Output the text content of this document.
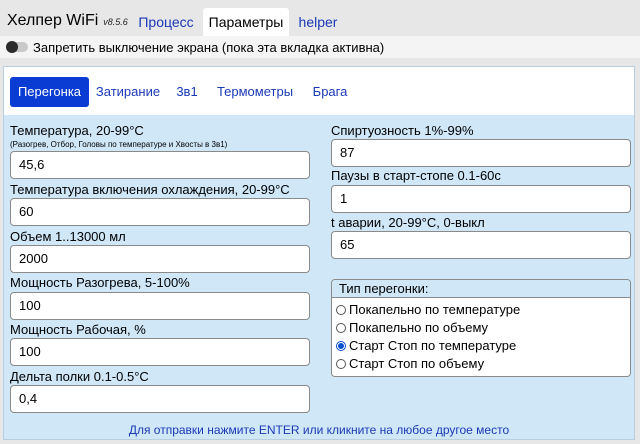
Хелпер WiFi v8.5.6 Процесс	Параметры	helper
Запретить выключение экрана (пока эта вкладка активна)
Перегонка	Затирание	3в1	Термометры	Брага
Температура, 20-99°C
(Разогрев, Отбор, Головы по температуре и Хвосты в 3в1)
45,6
Температура включения охлаждения, 20-99°C
60
Объем 1..13000 мл
2000
Мощность Разогрева, 5-100%
100
Мощность Рабочая, %
100
Дельта полки 0.1-0.5°C
0,4
Спиртуозность 1%-99%
87
Паузы в старт-стопе 0.1-60с
1
t аварии, 20-99°C, 0-выкл
65
Тип перегонки:
Покапельно по температуре
Покапельно по объему
Старт Стоп по температуре
Старт Стоп по объему
Для отправки нажмите ENTER или кликните на любое другое место
